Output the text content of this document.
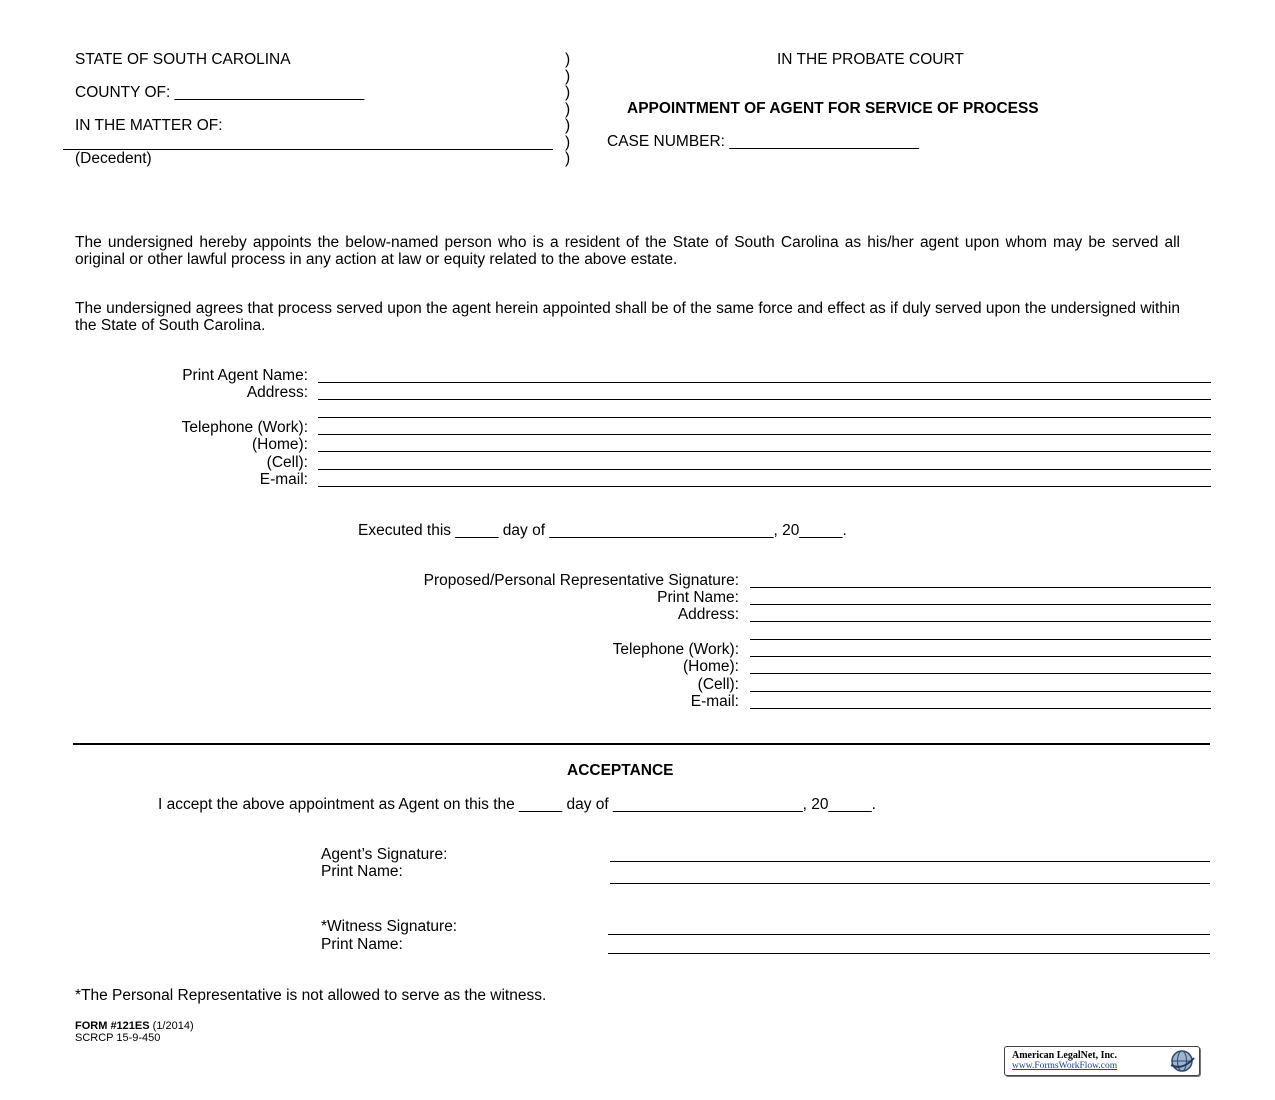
STATE OF SOUTH CAROLINA
COUNTY OF: ______________________
IN THE MATTER OF:
(Decedent)
)
)
)
)
)
)
)
IN THE PROBATE COURT
APPOINTMENT OF AGENT FOR SERVICE OF PROCESS
CASE NUMBER: ______________________
The undersigned hereby appoints the below-named person who is a resident of the State of South Carolina as his/her agent upon whom may be served all original or other lawful process in any action at law or equity related to the above estate.
The undersigned agrees that process served upon the agent herein appointed shall be of the same force and effect as if duly served upon the undersigned within the State of South Carolina.
Print Agent Name:
Address:
Telephone (Work):
(Home):
(Cell):
E-mail:
Executed this _____ day of __________________________, 20_____.
Proposed/Personal Representative Signature:
Print Name:
Address:
Telephone (Work):
(Home):
(Cell):
E-mail:
ACCEPTANCE
I accept the above appointment as Agent on this the _____ day of ______________________, 20_____.
Agent’s Signature:
Print Name:
*Witness Signature:
Print Name:
*The Personal Representative is not allowed to serve as the witness.
FORM #121ES (1/2014)
SCRCP 15-9-450
American LegalNet, Inc.
www.FormsWorkFlow.com
